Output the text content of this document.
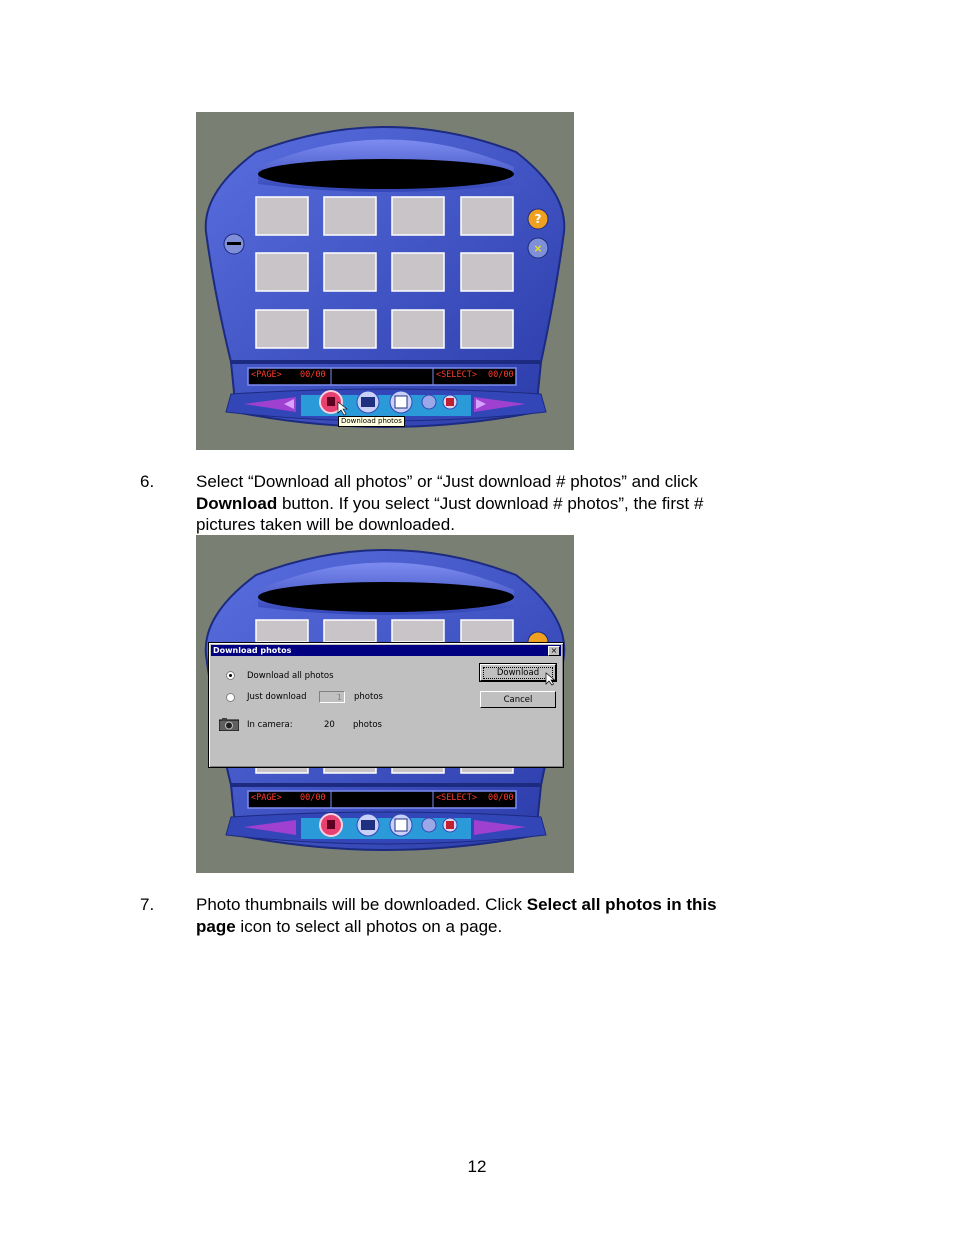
?
×
<PAGE> 00/00	<SELECT> 00/00
Download photos
6. Select “Download all photos” or “Just download # photos” and click
Download button. If you select “Just download # photos”, the first #
pictures taken will be downloaded.
<PAGE> 00/00	<SELECT> 00/00
Download photos	×
Download all photos
Just download	1	photos
In camera:	20 photos
Download
Cancel
7. Photo thumbnails will be downloaded. Click Select all photos in this
page icon to select all photos on a page.
12
